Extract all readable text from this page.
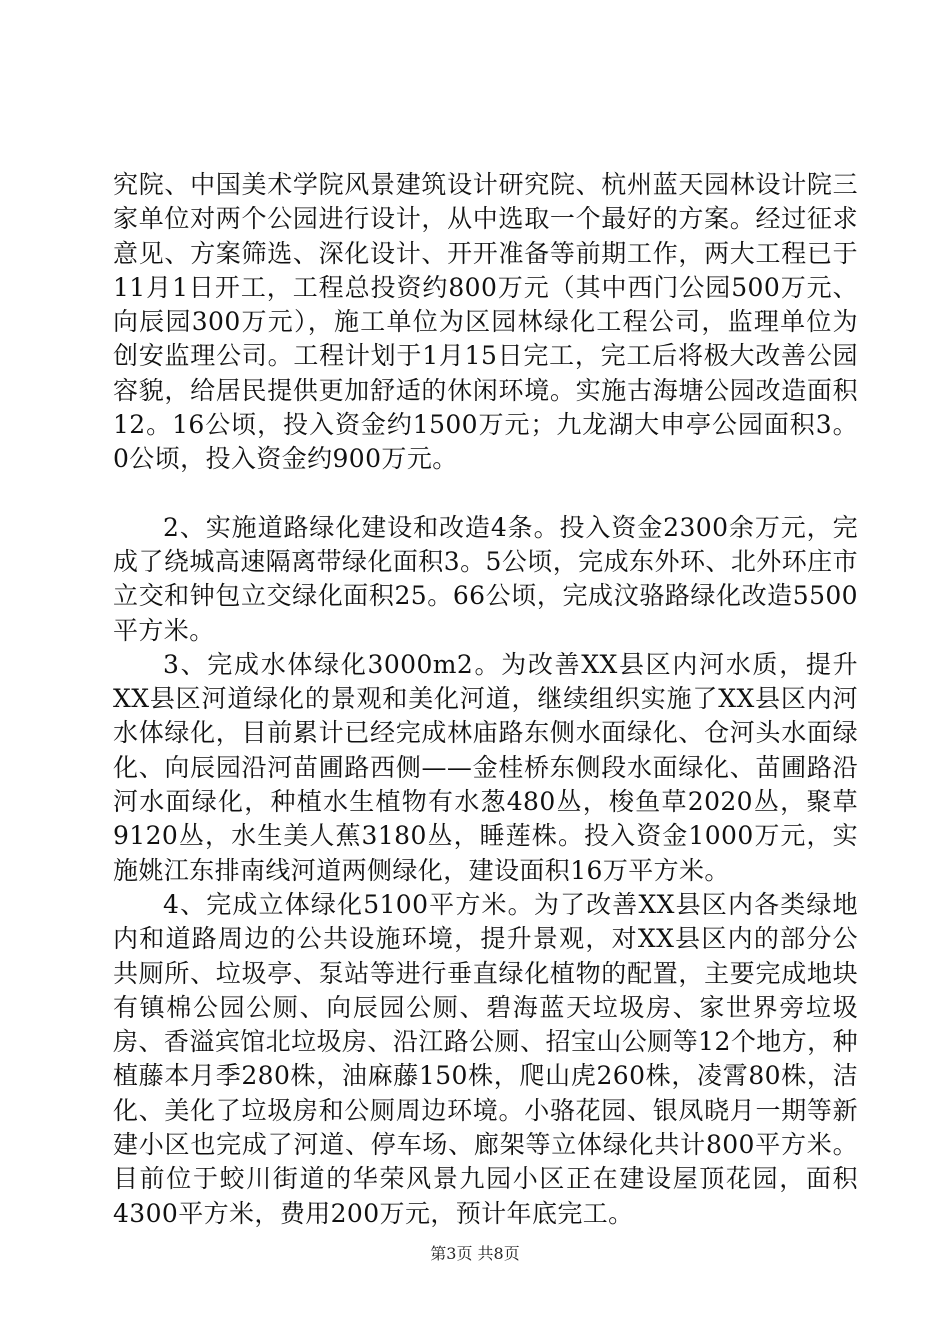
究院、中国美术学院风景建筑设计研究院、杭州蓝天园林设计院三家单位对两个公园进行设计，从中选取一个最好的方案。经过征求意见、方案筛选、深化设计、开开准备等前期工作，两大工程已于11月1日开工，工程总投资约800万元（其中西门公园500万元、向辰园300万元），施工单位为区园林绿化工程公司，监理单位为创安监理公司。工程计划于1月15日完工，完工后将极大改善公园容貌，给居民提供更加舒适的休闲环境。实施古海塘公园改造面积12。16公顷，投入资金约1500万元；九龙湖大申亭公园面积3。0公顷，投入资金约900万元。

2、实施道路绿化建设和改造4条。投入资金2300余万元，完成了绕城高速隔离带绿化面积3。5公顷，完成东外环、北外环庄市立交和钟包立交绿化面积25。66公顷，完成汶骆路绿化改造5500平方米。

3、完成水体绿化3000m2。为改善XX县区内河水质，提升XX县区河道绿化的景观和美化河道，继续组织实施了XX县区内河水体绿化，目前累计已经完成林庙路东侧水面绿化、仓河头水面绿化、向辰园沿河苗圃路西侧——金桂桥东侧段水面绿化、苗圃路沿河水面绿化，种植水生植物有水葱480丛，梭鱼草2020丛，聚草9120丛，水生美人蕉3180丛，睡莲株。投入资金1000万元，实施姚江东排南线河道两侧绿化，建设面积16万平方米。

4、完成立体绿化5100平方米。为了改善XX县区内各类绿地内和道路周边的公共设施环境，提升景观，对XX县区内的部分公共厕所、垃圾亭、泵站等进行垂直绿化植物的配置，主要完成地块有镇棉公园公厕、向辰园公厕、碧海蓝天垃圾房、家世界旁垃圾房、香溢宾馆北垃圾房、沿江路公厕、招宝山公厕等12个地方，种植藤本月季280株，油麻藤150株，爬山虎260株，凌霄80株，洁化、美化了垃圾房和公厕周边环境。小骆花园、银凤晓月一期等新建小区也完成了河道、停车场、廊架等立体绿化共计800平方米。目前位于蛟川街道的华荣风景九园小区正在建设屋顶花园，面积4300平方米，费用200万元，预计年底完工。

第3页 共8页
